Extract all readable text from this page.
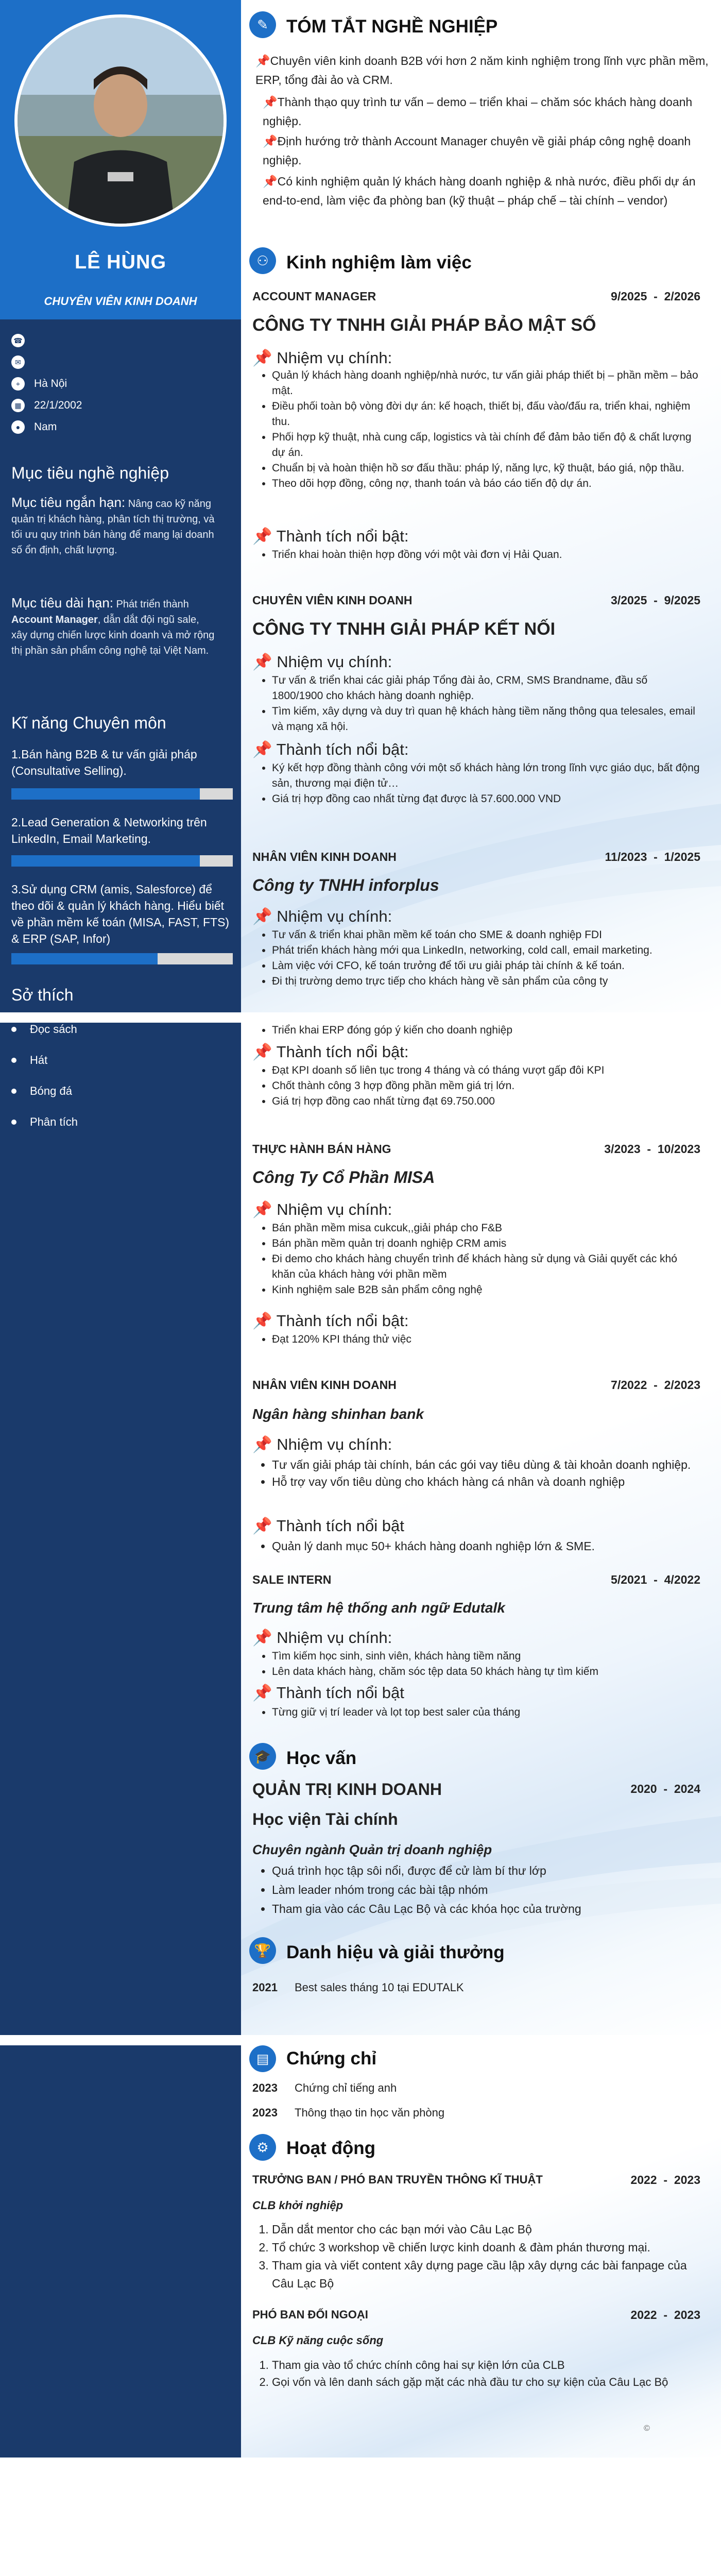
LÊ HÙNG
CHUYÊN VIÊN KINH DOANH
☎
✉
⌖	Hà Nội
▦	22/1/2002
●	Nam
Mục tiêu nghề nghiệp
Mục tiêu ngắn hạn: Nâng cao kỹ năng quản trị khách hàng, phân tích thị trường, và tối ưu quy trình bán hàng để mang lại doanh số ổn định, chất lượng.
Mục tiêu dài hạn: Phát triển thành Account Manager, dẫn dắt đội ngũ sale, xây dựng chiến lược kinh doanh và mở rộng thị phần sản phẩm công nghệ tại Việt Nam.
Kĩ năng Chuyên môn
1.Bán hàng B2B & tư vấn giải pháp (Consultative Selling).
2.Lead Generation & Networking trên LinkedIn, Email Marketing.
3.Sử dụng CRM (amis, Salesforce) để theo dõi & quản lý khách hàng. Hiểu biết về phần mềm kế toán (MISA, FAST, FTS) & ERP (SAP, Infor)
Sở thích
✎	TÓM TẮT NGHỀ NGHIỆP
📌Chuyên viên kinh doanh B2B với hơn 2 năm kinh nghiệm trong lĩnh vực phần mềm, ERP, tổng đài ảo và CRM.
📌Thành thạo quy trình tư vấn – demo – triển khai – chăm sóc khách hàng doanh nghiệp.
📌Định hướng trở thành Account Manager chuyên về giải pháp công nghệ doanh nghiệp.
📌Có kinh nghiệm quản lý khách hàng doanh nghiệp & nhà nước, điều phối dự án end-to-end, làm việc đa phòng ban (kỹ thuật – pháp chế – tài chính – vendor)
⚇ Kinh nghiệm làm việc
ACCOUNT MANAGER	9/2025  -  2/2026
CÔNG TY TNHH GIẢI PHÁP BẢO MẬT SỐ
📌 Nhiệm vụ chính:
• Quản lý khách hàng doanh nghiệp/nhà nước, tư vấn giải pháp thiết bị – phần mềm – bảo mật.
• Điều phối toàn bộ vòng đời dự án: kế hoạch, thiết bị, đấu vào/đấu ra, triển khai, nghiệm thu.
• Phối hợp kỹ thuật, nhà cung cấp, logistics và tài chính để đảm bảo tiến độ & chất lượng dự án.
• Chuẩn bị và hoàn thiện hồ sơ đấu thầu: pháp lý, năng lực, kỹ thuật, báo giá, nộp thầu.
• Theo dõi hợp đồng, công nợ, thanh toán và báo cáo tiến độ dự án.
📌 Thành tích nổi bật:
• Triển khai hoàn thiện hợp đồng với một vài đơn vị Hải Quan.
CHUYÊN VIÊN KINH DOANH	3/2025  -  9/2025
CÔNG TY TNHH GIẢI PHÁP KẾT NỐI
📌 Nhiệm vụ chính:
• Tư vấn & triển khai các giải pháp Tổng đài ảo, CRM, SMS Brandname, đầu số 1800/1900 cho khách hàng doanh nghiệp.
• Tìm kiếm, xây dựng và duy trì quan hệ khách hàng tiềm năng thông qua telesales, email và mạng xã hội.
📌 Thành tích nổi bật:
• Ký kết hợp đồng thành công với một số khách hàng lớn trong lĩnh vực giáo dục, bất động sản, thương mại điện tử…
• Giá trị hợp đồng cao nhất từng đạt được là 57.600.000 VND
NHÂN VIÊN KINH DOANH	11/2023  -  1/2025
Công ty TNHH inforplus
📌 Nhiệm vụ chính:
• Tư vấn & triển khai phần mềm kế toán cho SME & doanh nghiệp FDI
• Phát triển khách hàng mới qua LinkedIn, networking, cold call, email marketing.
• Làm việc với CFO, kế toán trưởng để tối ưu giải pháp tài chính & kế toán.
• Đi thị trường demo trực tiếp cho khách hàng về sản phẩm của công ty
Đọc sách
Hát
Bóng đá
Phân tích
• Triển khai ERP đóng góp ý kiến cho doanh nghiệp
📌 Thành tích nổi bật:
• Đạt KPI doanh số liên tục trong 4 tháng và có tháng vượt gấp đôi KPI
• Chốt thành công 3 hợp đồng phần mềm giá trị lớn.
• Giá trị hợp đồng cao nhất từng đạt 69.750.000
THỰC HÀNH BÁN HÀNG	3/2023  -  10/2023
Công Ty Cổ Phần MISA
📌 Nhiệm vụ chính:
• Bán phần mềm misa cukcuk,,giải pháp cho F&B
• Bán phần mềm quản trị doanh nghiệp CRM amis
• Đi demo cho khách hàng chuyển trình để khách hàng sử dụng và Giải quyết các khó khăn của khách hàng với phần mềm
• Kinh nghiệm sale B2B sản phẩm công nghệ
📌 Thành tích nổi bật:
• Đạt 120% KPI tháng thử việc
NHÂN VIÊN KINH DOANH	7/2022  -  2/2023
Ngân hàng shinhan bank
📌 Nhiệm vụ chính:
• Tư vấn giải pháp tài chính, bán các gói vay tiêu dùng & tài khoản doanh nghiệp.
• Hỗ trợ vay vốn tiêu dùng cho khách hàng cá nhân và doanh nghiệp
📌 Thành tích nổi bật
• Quản lý danh mục 50+ khách hàng doanh nghiệp lớn & SME.
SALE INTERN	5/2021  -  4/2022
Trung tâm hệ thống anh ngữ Edutalk
📌 Nhiệm vụ chính:
• Tìm kiếm học sinh, sinh viên, khách hàng tiềm năng
• Lên data khách hàng, chăm sóc tệp data 50 khách hàng tự tìm kiếm
📌 Thành tích nổi bật
• Từng giữ vị trí leader và lọt top best saler của tháng
🎓 Học vấn
QUẢN TRỊ KINH DOANH	2020  -  2024
Học viện Tài chính
Chuyên ngành Quản trị doanh nghiệp
• Quá trình học tập sôi nổi, được để cử làm bí thư lớp
• Làm leader nhóm trong các bài tập nhóm
• Tham gia vào các Câu Lạc Bộ và các khóa học của trường
🏆 Danh hiệu và giải thưởng
2021 Best sales tháng 10 tại EDUTALK
▤ Chứng chỉ
2023 Chứng chỉ tiếng anh
2023 Thông thạo tin học văn phòng
⚙ Hoạt động
TRƯỞNG BAN / PHÓ BAN TRUYỀN THÔNG KĨ THUẬT	2022  -  2023
CLB khởi nghiệp
1. Dẫn dắt mentor cho các bạn mới vào Câu Lạc Bộ
2. Tổ chức 3 workshop về chiến lược kinh doanh & đàm phán thương mại.
3. Tham gia và viết content xây dựng page cầu lập xây dựng các bài fanpage của Câu Lạc Bộ
PHÓ BAN ĐỐI NGOẠI	2022  -  2023
CLB Kỹ năng cuộc sống
1. Tham gia vào tổ chức chính công hai sự kiện lớn của CLB
2. Gọi vốn và lên danh sách gặp mặt các nhà đầu tư cho sự kiện của Câu Lạc Bộ
©
